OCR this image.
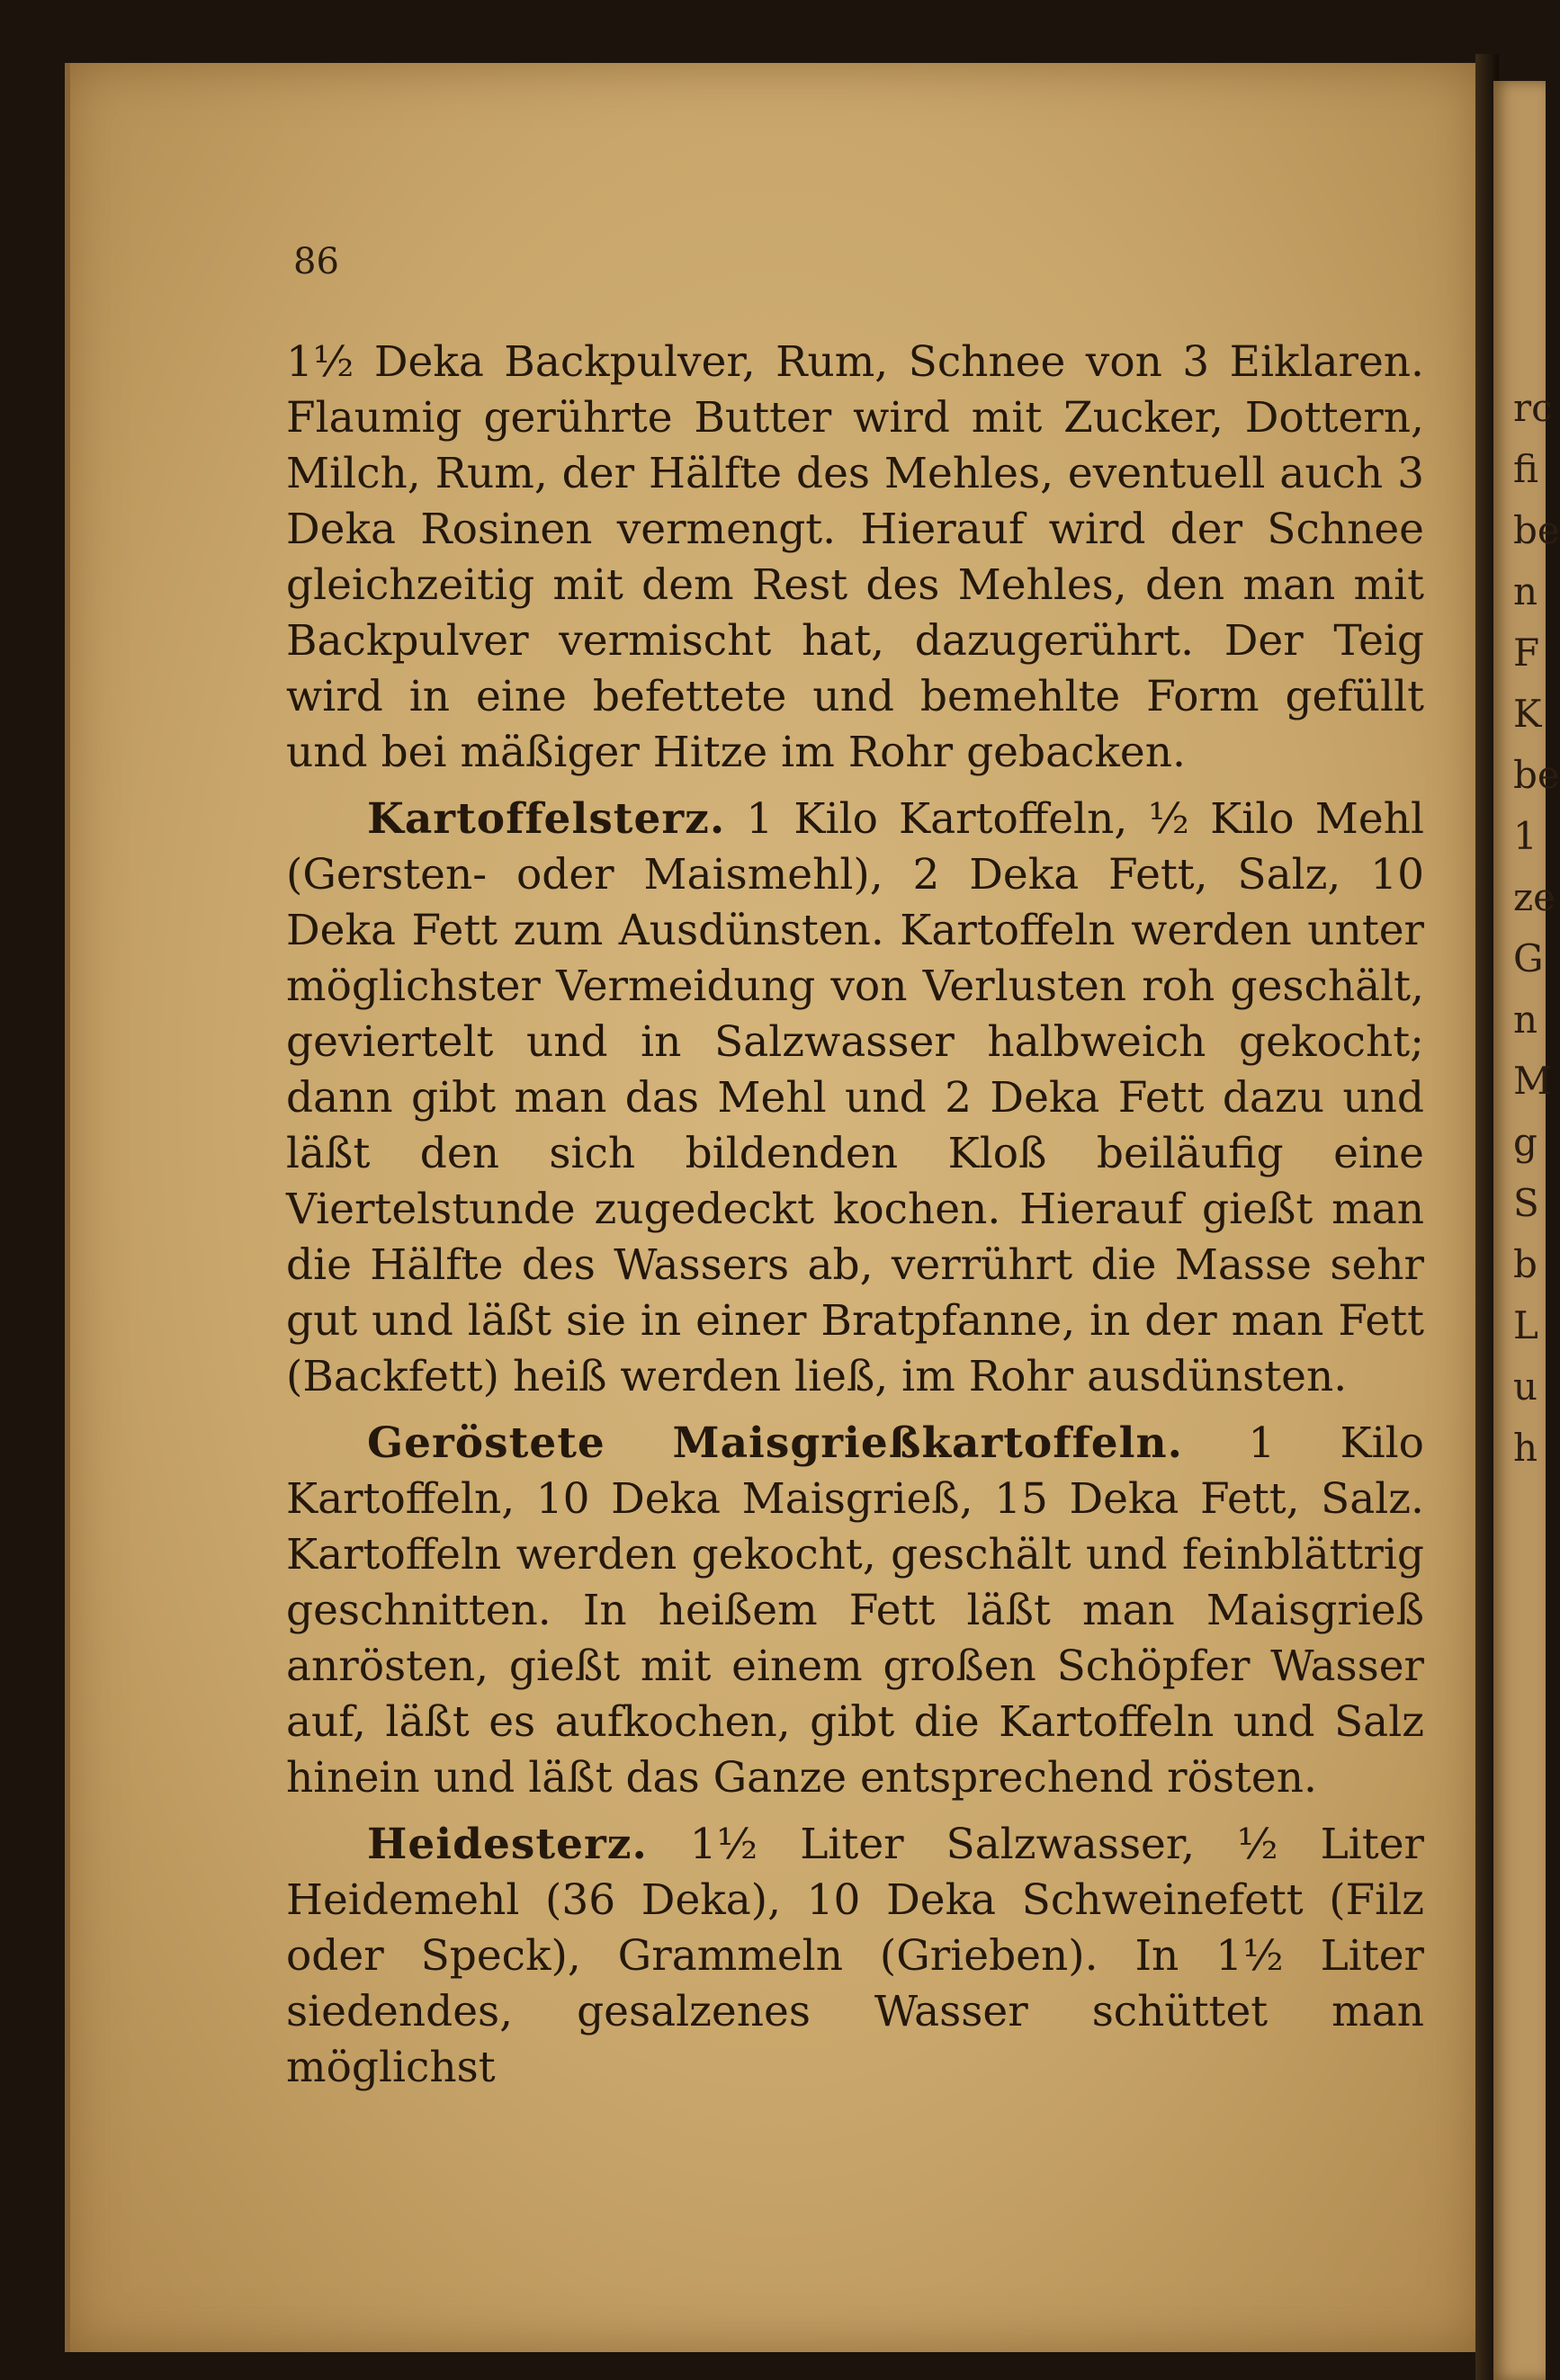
86

1½ Deka Backpulver, Rum, Schnee von 3 Eiklaren. Flaumig gerührte Butter wird mit Zucker, Dottern, Milch, Rum, der Hälfte des Mehles, eventuell auch 3 Deka Rosinen vermengt. Hierauf wird der Schnee gleichzeitig mit dem Rest des Mehles, den man mit Backpulver vermischt hat, dazugerührt. Der Teig wird in eine befettete und bemehlte Form gefüllt und bei mäßiger Hitze im Rohr gebacken.

Kartoffelsterz. 1 Kilo Kartoffeln, ½ Kilo Mehl (Gersten- oder Maismehl), 2 Deka Fett, Salz, 10 Deka Fett zum Ausdünsten. Kartoffeln werden unter möglichster Vermeidung von Verlusten roh geschält, geviertelt und in Salzwasser halbweich gekocht; dann gibt man das Mehl und 2 Deka Fett dazu und läßt den sich bildenden Kloß beiläufig eine Viertelstunde zugedeckt kochen. Hierauf gießt man die Hälfte des Wassers ab, verrührt die Masse sehr gut und läßt sie in einer Bratpfanne, in der man Fett (Backfett) heiß werden ließ, im Rohr ausdünsten.

Geröstete Maisgrießkartoffeln. 1 Kilo Kartoffeln, 10 Deka Maisgrieß, 15 Deka Fett, Salz. Kartoffeln werden gekocht, geschält und feinblättrig geschnitten. In heißem Fett läßt man Maisgrieß anrösten, gießt mit einem großen Schöpfer Wasser auf, läßt es aufkochen, gibt die Kartoffeln und Salz hinein und läßt das Ganze entsprechend rösten.

Heidesterz. 1½ Liter Salzwasser, ½ Liter Heidemehl (36 Deka), 10 Deka Schweinefett (Filz oder Speck), Grammeln (Grieben). In 1½ Liter siedendes, gesalzenes Wasser schüttet man möglichst

rc
fi
be
n
F
K
be
1
ze
G
n
M
g
S
b
L
u
h
